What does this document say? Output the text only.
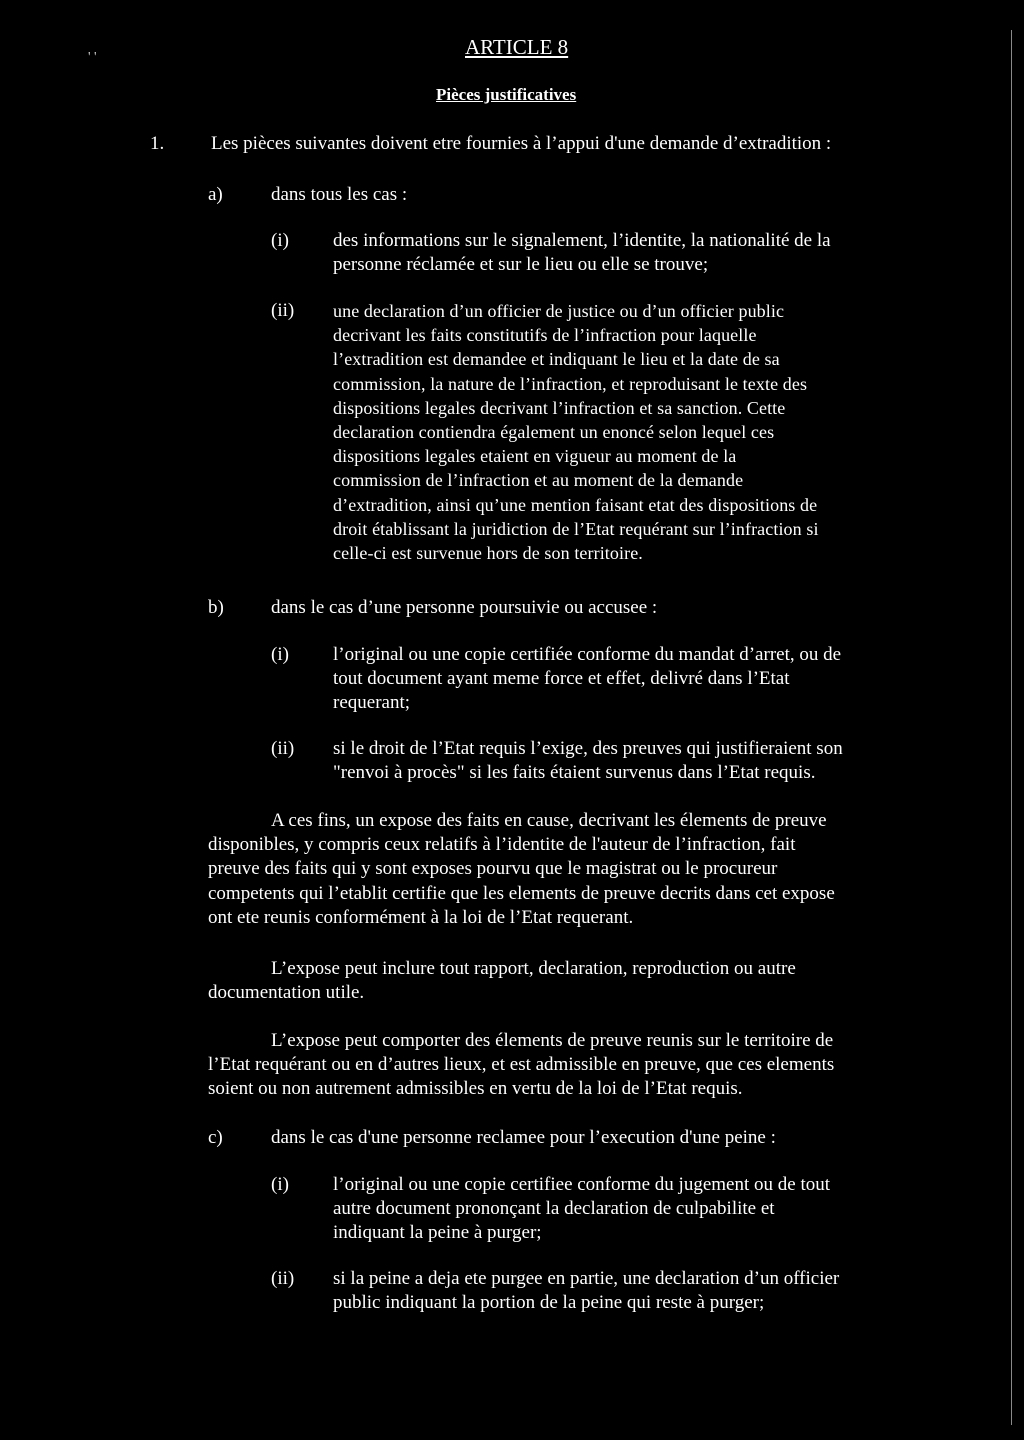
' '	ARTICLE 8
Pièces justificatives
1. Les pièces suivantes doivent etre fournies à l’appui d'une demande d’extradition :
a)	dans tous les cas :
(i) des informations sur le signalement, l’identite, la nationalité de la
personne réclamée et sur le lieu ou elle se trouve;
(ii) une declaration d’un officier de justice ou d’un officier public
decrivant les faits constitutifs de l’infraction pour laquelle
l’extradition est demandee et indiquant le lieu et la date de sa
commission, la nature de l’infraction, et reproduisant le texte des
dispositions legales decrivant l’infraction et sa sanction. Cette
declaration contiendra également un enoncé selon lequel ces
dispositions legales etaient en vigueur au moment de la
commission de l’infraction et au moment de la demande
d’extradition, ainsi qu’une mention faisant etat des dispositions de
droit établissant la juridiction de l’Etat requérant sur l’infraction si
celle-ci est survenue hors de son territoire.
b) dans le cas d’une personne poursuivie ou accusee :
(i) l’original ou une copie certifiée conforme du mandat d’arret, ou de
tout document ayant meme force et effet, delivré dans l’Etat
requerant;
(ii) si le droit de l’Etat requis l’exige, des preuves qui justifieraient son
"renvoi à procès" si les faits étaient survenus dans l’Etat requis.
A ces fins, un expose des faits en cause, decrivant les élements de preuve
disponibles, y compris ceux relatifs à l’identite de l'auteur de l’infraction, fait
preuve des faits qui y sont exposes pourvu que le magistrat ou le procureur
competents qui l’etablit certifie que les elements de preuve decrits dans cet expose
ont ete reunis conformément à la loi de l’Etat requerant.
L’expose peut inclure tout rapport, declaration, reproduction ou autre
documentation utile.
L’expose peut comporter des élements de preuve reunis sur le territoire de
l’Etat requérant ou en d’autres lieux, et est admissible en preuve, que ces elements
soient ou non autrement admissibles en vertu de la loi de l’Etat requis.
c)	dans le cas d'une personne reclamee pour l’execution d'une peine :
(i) l’original ou une copie certifiee conforme du jugement ou de tout
autre document prononçant la declaration de culpabilite et
indiquant la peine à purger;
(ii) si la peine a deja ete purgee en partie, une declaration d’un officier
public indiquant la portion de la peine qui reste à purger;
